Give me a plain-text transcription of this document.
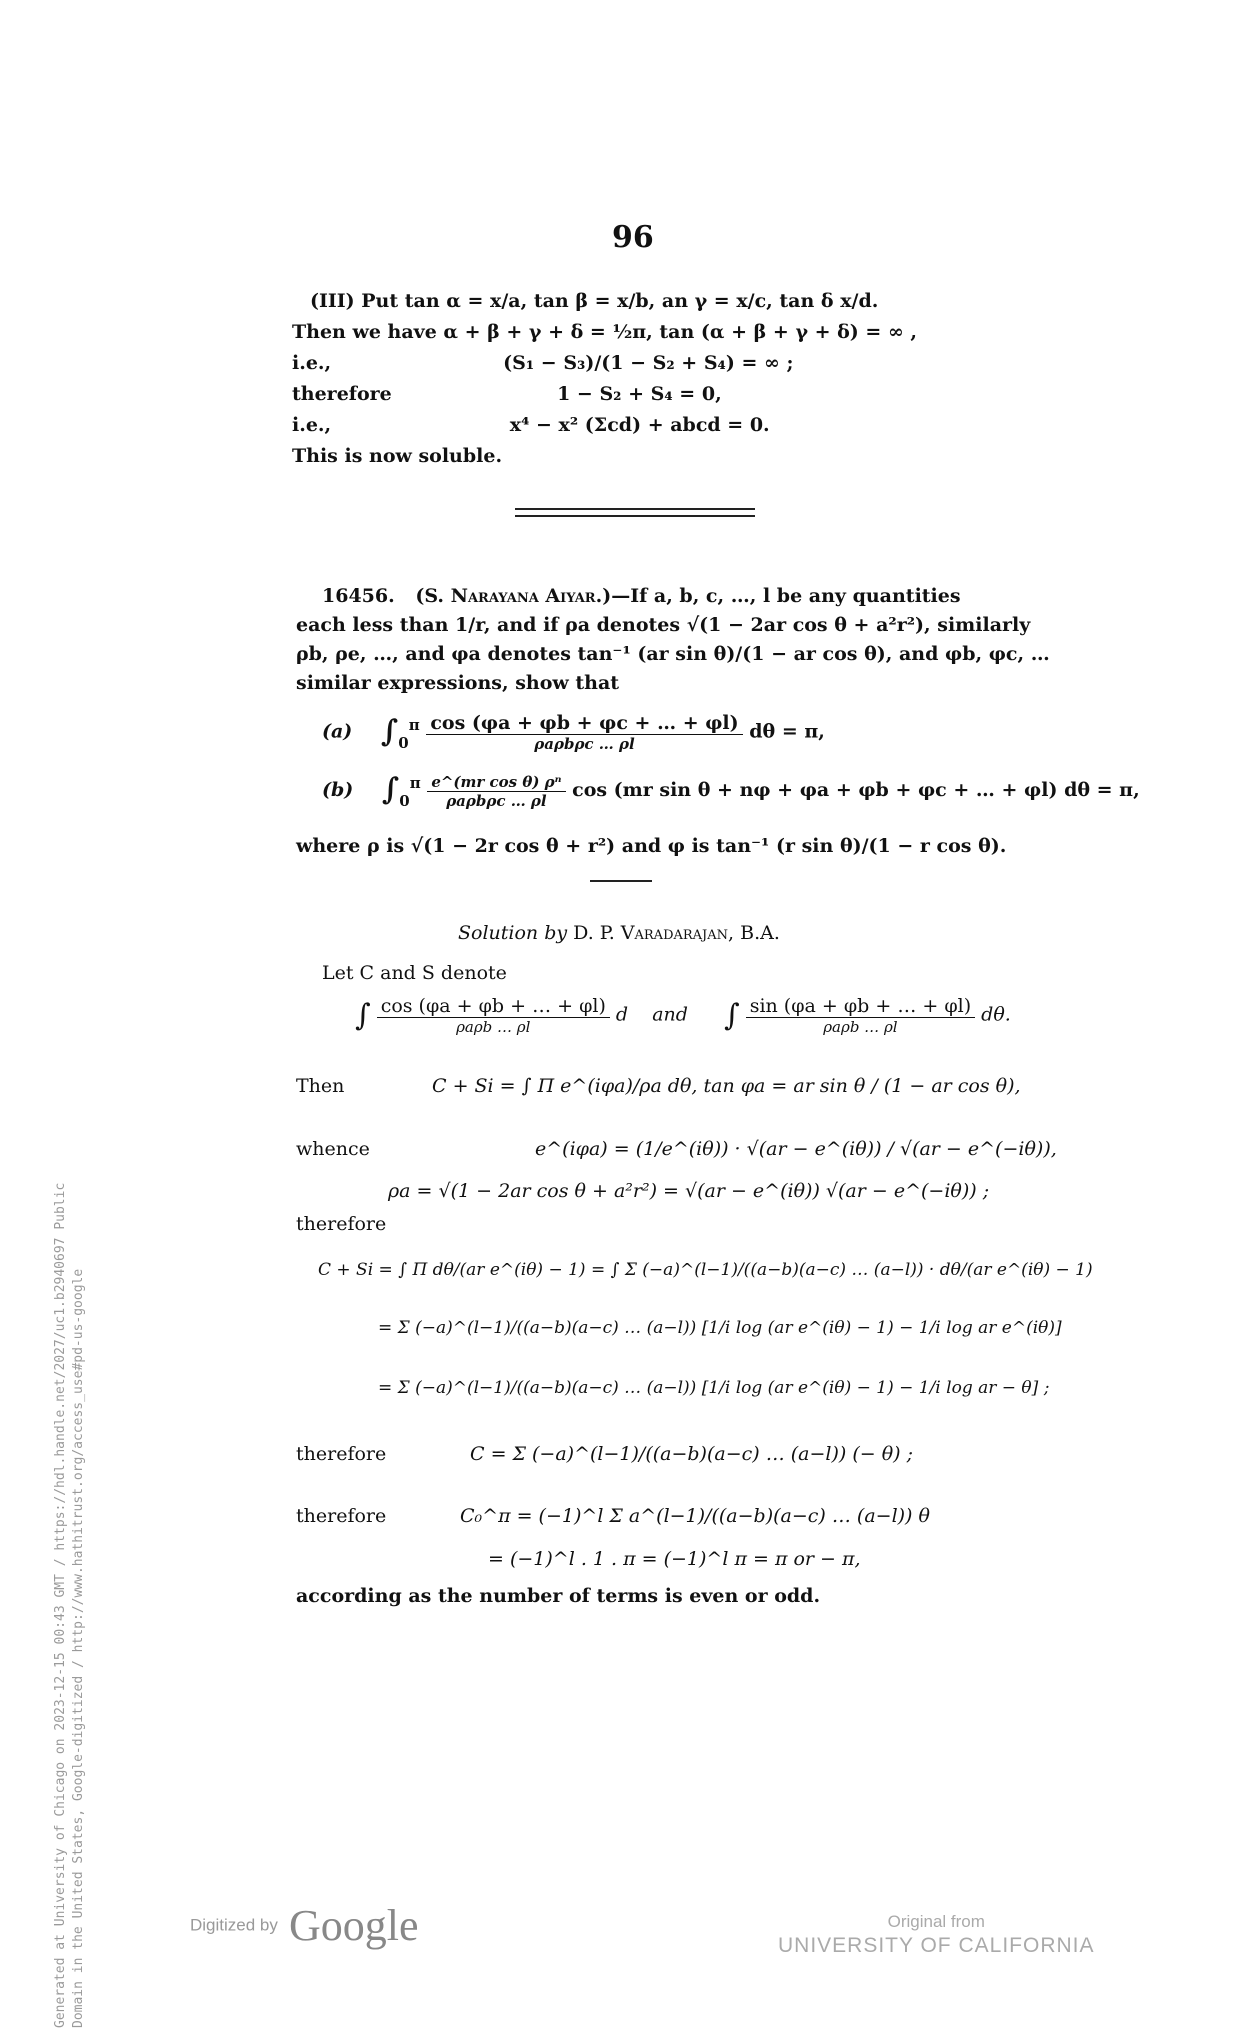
96
(III) Put tan α = x/a, tan β = x/b, an γ = x/c, tan δ x/d.
Then we have α + β + γ + δ = ½π, tan (α + β + γ + δ) = ∞ ,
i.e.,                          (S₁ − S₃)/(1 − S₂ + S₄) = ∞ ;
therefore                         1 − S₂ + S₄ = 0,
i.e.,                           x⁴ − x² (Σcd) + abcd = 0.
This is now soluble.
16456. (S. Narayana Aiyar.)—If a, b, c, …, l be any quantities
each less than 1/r, and if ρa denotes √(1 − 2ar cos θ + a²r²), similarly
ρb, ρe, …, and φa denotes tan⁻¹ (ar sin θ)/(1 − ar cos θ), and φb, φc, …
similar expressions, show that
(a) $\int_0^\pi \frac{\cos (\varphi a + \varphi b + \varphi c + \dots + \varphi l)}{\text{ρaρbρc … ρl}}$ dθ = π,
(b) $\int_0^\pi \frac{\text{e\textasciicircum{}(mr cos θ) ρⁿ}}{\text{ρaρbρc … ρl}}$ cos (mr sin θ + nφ + φa + φb + φc + … + φl) dθ = π,
where ρ is √(1 − 2r cos θ + r²) and φ is tan⁻¹ (r sin θ)/(1 − r cos θ).
Solution by D. P. Varadarajan, B.A.
Let C and S denote
∫ $\frac{\cos (\varphi a + \varphi b + \dots + \varphi l)}{\text{ρaρb … ρl}}$ d    and ∫ $\frac{\sin (\varphi a + \varphi b + \dots + \varphi l)}{\text{ρaρb … ρl}} d\theta$.
Then	C + Si = ∫ Π e^(iφa)/ρa dθ, tan φa = ar sin θ / (1 − ar cos θ),
whence	e^(iφa) = (1/e^(iθ)) · √(ar − e^(iθ)) / √(ar − e^(−iθ)),
ρa = √(1 − 2ar cos θ + a²r²) = √(ar − e^(iθ)) √(ar − e^(−iθ)) ;
therefore
C + Si = ∫ Π dθ/(ar e^(iθ) − 1) = ∫ Σ (−a)^(l−1)/((a−b)(a−c) … (a−l)) · dθ/(ar e^(iθ) − 1)
= Σ (−a)^(l−1)/((a−b)(a−c) … (a−l)) [1/i log (ar e^(iθ) − 1) − 1/i log ar e^(iθ)]
= Σ (−a)^(l−1)/((a−b)(a−c) … (a−l)) [1/i log (ar e^(iθ) − 1) − 1/i log ar − θ] ;
therefore	C = Σ (−a)^(l−1)/((a−b)(a−c) … (a−l)) (− θ) ;
therefore	C₀^π = (−1)^l Σ a^(l−1)/((a−b)(a−c) … (a−l)) θ
= (−1)^l . 1 . π = (−1)^l π = π or − π,
according as the number of terms is even or odd.
Generated at University of Chicago on 2023-12-15 00:43 GMT / https://hdl.handle.net/2027/uc1.b2940697 Public Domain in the United States, Google-digitized / http://www.hathitrust.org/access_use#pd-us-google	Digitized by Google	Original from
UNIVERSITY OF CALIFORNIA
